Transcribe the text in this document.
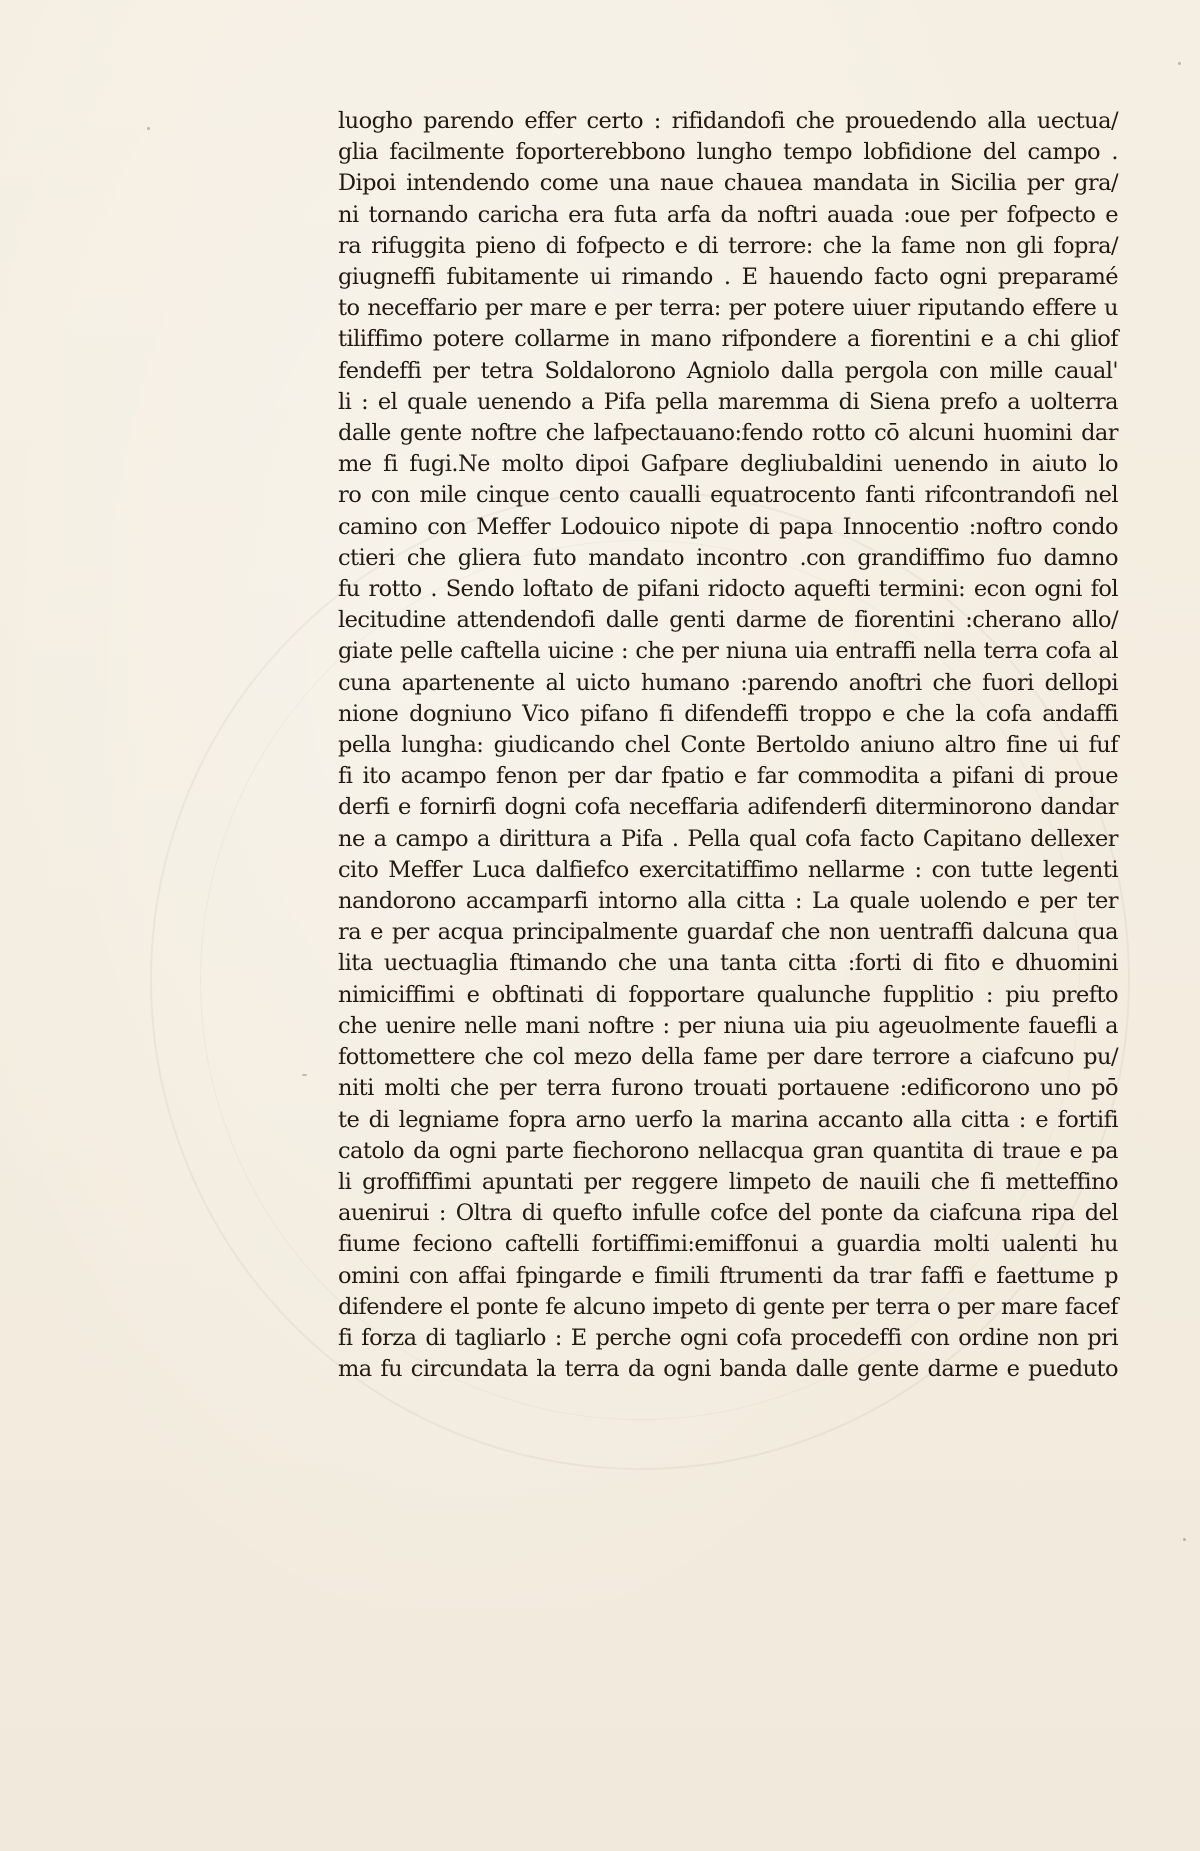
luogho parendo effer certo : rifidandofi che prouedendo alla uectua/
glia facilmente foporterebbono lungho tempo lobfidione del campo .
Dipoi intendendo come una naue chauea mandata in Sicilia per gra/
ni tornando caricha era futa arfa da noftri auada :oue per fofpecto e
ra rifuggita pieno di fofpecto e di terrore: che la fame non gli fopra/
giugneffi fubitamente ui rimando . E hauendo facto ogni preparamé
to neceffario per mare e per terra: per potere uiuer riputando effere u
tiliffimo potere collarme in mano rifpondere a fiorentini e a chi gliof
fendeffi per tetra Soldalorono Agniolo dalla pergola con mille caual'
li : el quale uenendo a Pifa pella maremma di Siena prefo a uolterra
dalle gente noftre che lafpectauano:fendo rotto cō alcuni huomini dar
me fi fugi.Ne molto dipoi Gafpare degliubaldini uenendo in aiuto lo
ro con mile cinque cento caualli equatrocento fanti rifcontrandofi nel
camino con Meffer Lodouico nipote di papa Innocentio :noftro condo
ctieri che gliera futo mandato incontro .con grandiffimo fuo damno
fu rotto . Sendo loftato de pifani ridocto aquefti termini: econ ogni fol
lecitudine attendendofi dalle genti darme de fiorentini :cherano allo/
giate pelle caftella uicine : che per niuna uia entraffi nella terra cofa al
cuna apartenente al uicto humano :parendo anoftri che fuori dellopi
nione dogniuno Vico pifano fi difendeffi troppo e che la cofa andaffi
pella lungha: giudicando chel Conte Bertoldo aniuno altro fine ui fuf
fi ito acampo fenon per dar fpatio e far commodita a pifani di proue
derfi e fornirfi dogni cofa neceffaria adifenderfi diterminorono dandar
ne a campo a dirittura a Pifa . Pella qual cofa facto Capitano dellexer
cito Meffer Luca dalfiefco exercitatiffimo nellarme : con tutte legenti
nandorono accamparfi intorno alla citta : La quale uolendo e per ter
ra e per acqua principalmente guardaf che non uentraffi dalcuna qua
lita uectuaglia ftimando che una tanta citta :forti di fito e dhuomini
nimiciffimi e obftinati di fopportare qualunche fupplitio : piu prefto
che uenire nelle mani noftre : per niuna uia piu ageuolmente fauefli a
fottomettere che col mezo della fame per dare terrore a ciafcuno pu/
niti molti che per terra furono trouati portauene :edificorono uno pō
te di legniame fopra arno uerfo la marina accanto alla citta : e fortifi
catolo da ogni parte fiechorono nellacqua gran quantita di traue e pa
li groffiffimi apuntati per reggere limpeto de nauili che fi metteffino
auenirui : Oltra di quefto infulle cofce del ponte da ciafcuna ripa del
fiume feciono caftelli fortiffimi:emiffonui a guardia molti ualenti hu
omini con affai fpingarde e fimili ftrumenti da trar faffi e faettume p
difendere el ponte fe alcuno impeto di gente per terra o per mare facef
fi forza di tagliarlo : E perche ogni cofa procedeffi con ordine non pri
ma fu circundata la terra da ogni banda dalle gente darme e pueduto
